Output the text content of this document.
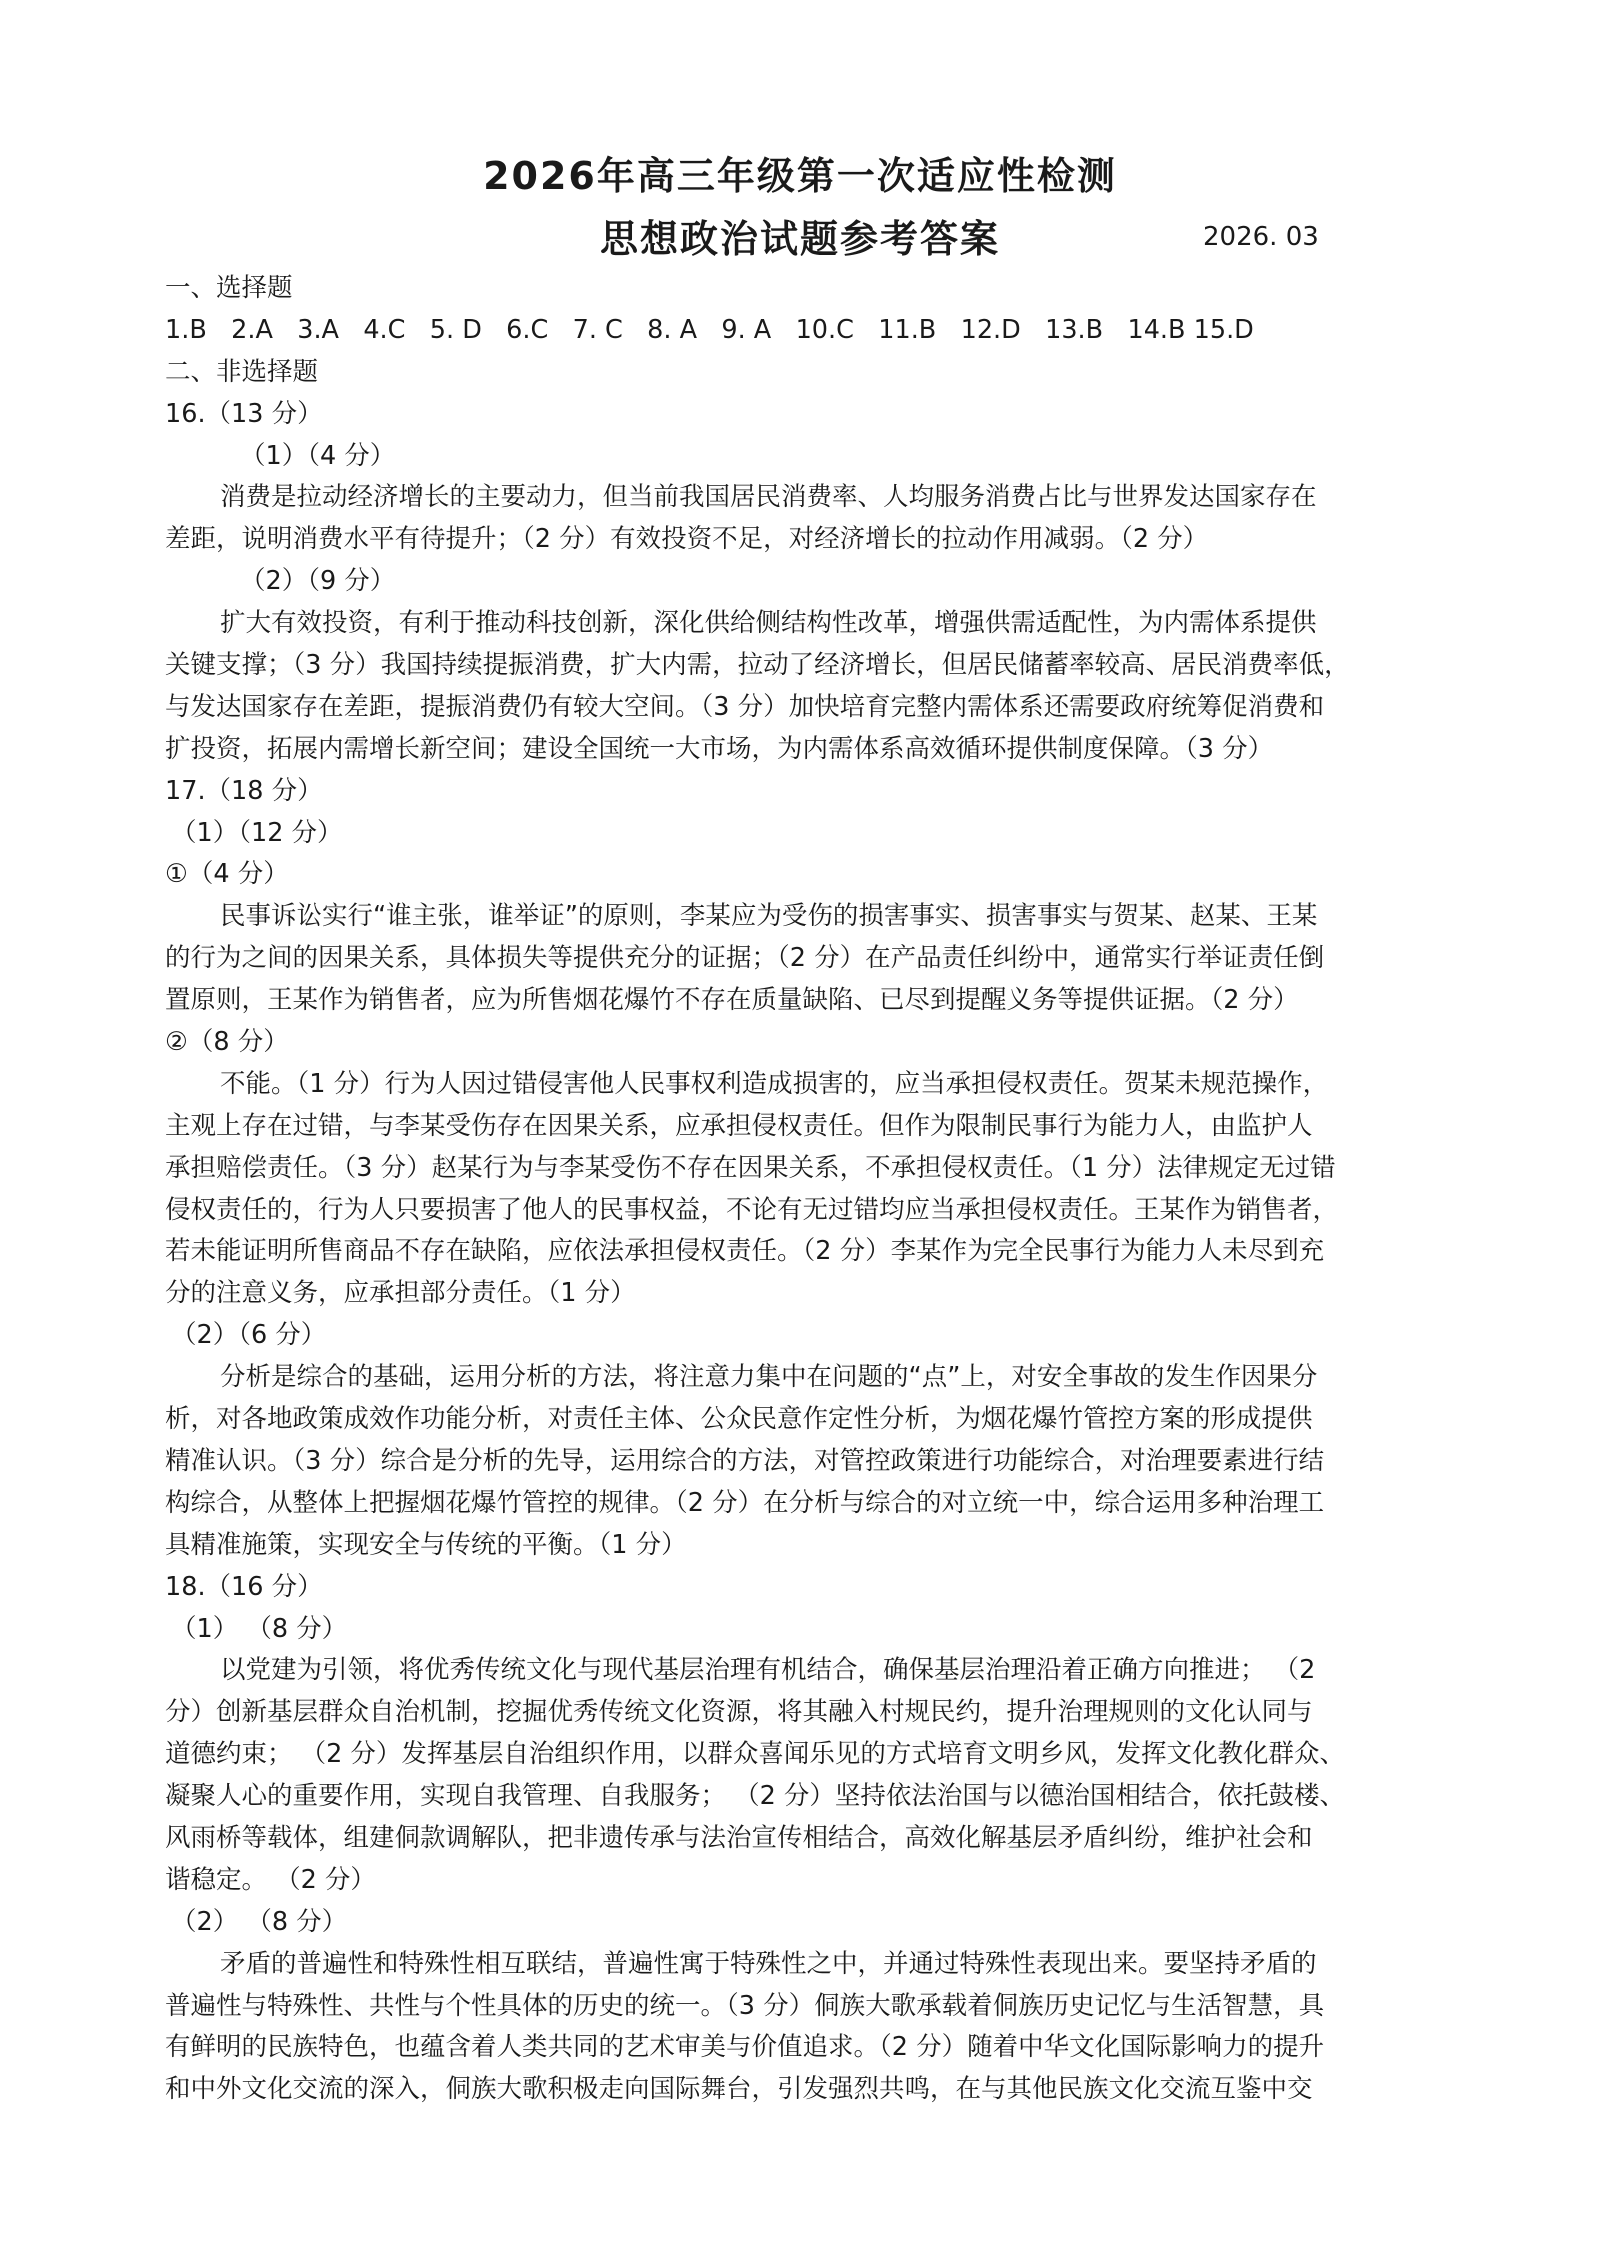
2026年高三年级第一次适应性检测
思想政治试题参考答案	2026. 03
一、选择题
1.B   2.A   3.A   4.C   5. D   6.C   7. C   8. A   9. A   10.C   11.B   12.D   13.B   14.B 15.D
二、非选择题
16.（13 分）
（1）（4 分）
消费是拉动经济增长的主要动力，但当前我国居民消费率、人均服务消费占比与世界发达国家存在
差距，说明消费水平有待提升；（2 分）有效投资不足，对经济增长的拉动作用减弱。（2 分）
（2）（9 分）
扩大有效投资，有利于推动科技创新，深化供给侧结构性改革，增强供需适配性，为内需体系提供
关键支撑；（3 分）我国持续提振消费，扩大内需，拉动了经济增长，但居民储蓄率较高、居民消费率低，
与发达国家存在差距，提振消费仍有较大空间。（3 分）加快培育完整内需体系还需要政府统筹促消费和
扩投资，拓展内需增长新空间；建设全国统一大市场，为内需体系高效循环提供制度保障。（3 分）
17.（18 分）
（1）（12 分）
①（4 分）
民事诉讼实行“谁主张，谁举证”的原则，李某应为受伤的损害事实、损害事实与贺某、赵某、王某
的行为之间的因果关系，具体损失等提供充分的证据；（2 分）在产品责任纠纷中，通常实行举证责任倒
置原则，王某作为销售者，应为所售烟花爆竹不存在质量缺陷、已尽到提醒义务等提供证据。（2 分）
②（8 分）
不能。（1 分）行为人因过错侵害他人民事权利造成损害的，应当承担侵权责任。贺某未规范操作，
主观上存在过错，与李某受伤存在因果关系，应承担侵权责任。但作为限制民事行为能力人，由监护人
承担赔偿责任。（3 分）赵某行为与李某受伤不存在因果关系，不承担侵权责任。（1 分）法律规定无过错
侵权责任的，行为人只要损害了他人的民事权益，不论有无过错均应当承担侵权责任。王某作为销售者，
若未能证明所售商品不存在缺陷，应依法承担侵权责任。（2 分）李某作为完全民事行为能力人未尽到充
分的注意义务，应承担部分责任。（1 分）
（2）（6 分）
分析是综合的基础，运用分析的方法，将注意力集中在问题的“点”上，对安全事故的发生作因果分
析，对各地政策成效作功能分析，对责任主体、公众民意作定性分析，为烟花爆竹管控方案的形成提供
精准认识。（3 分）综合是分析的先导，运用综合的方法，对管控政策进行功能综合，对治理要素进行结
构综合，从整体上把握烟花爆竹管控的规律。（2 分）在分析与综合的对立统一中，综合运用多种治理工
具精准施策，实现安全与传统的平衡。（1 分）
18.（16 分）
（1） （8 分）
以党建为引领，将优秀传统文化与现代基层治理有机结合，确保基层治理沿着正确方向推进； （2
分）创新基层群众自治机制，挖掘优秀传统文化资源，将其融入村规民约，提升治理规则的文化认同与
道德约束； （2 分）发挥基层自治组织作用，以群众喜闻乐见的方式培育文明乡风，发挥文化教化群众、
凝聚人心的重要作用，实现自我管理、自我服务； （2 分）坚持依法治国与以德治国相结合，依托鼓楼、
风雨桥等载体，组建侗款调解队，把非遗传承与法治宣传相结合，高效化解基层矛盾纠纷，维护社会和
谐稳定。 （2 分）
（2） （8 分）
矛盾的普遍性和特殊性相互联结，普遍性寓于特殊性之中，并通过特殊性表现出来。要坚持矛盾的
普遍性与特殊性、共性与个性具体的历史的统一。（3 分）侗族大歌承载着侗族历史记忆与生活智慧，具
有鲜明的民族特色，也蕴含着人类共同的艺术审美与价值追求。（2 分）随着中华文化国际影响力的提升
和中外文化交流的深入，侗族大歌积极走向国际舞台，引发强烈共鸣，在与其他民族文化交流互鉴中交
